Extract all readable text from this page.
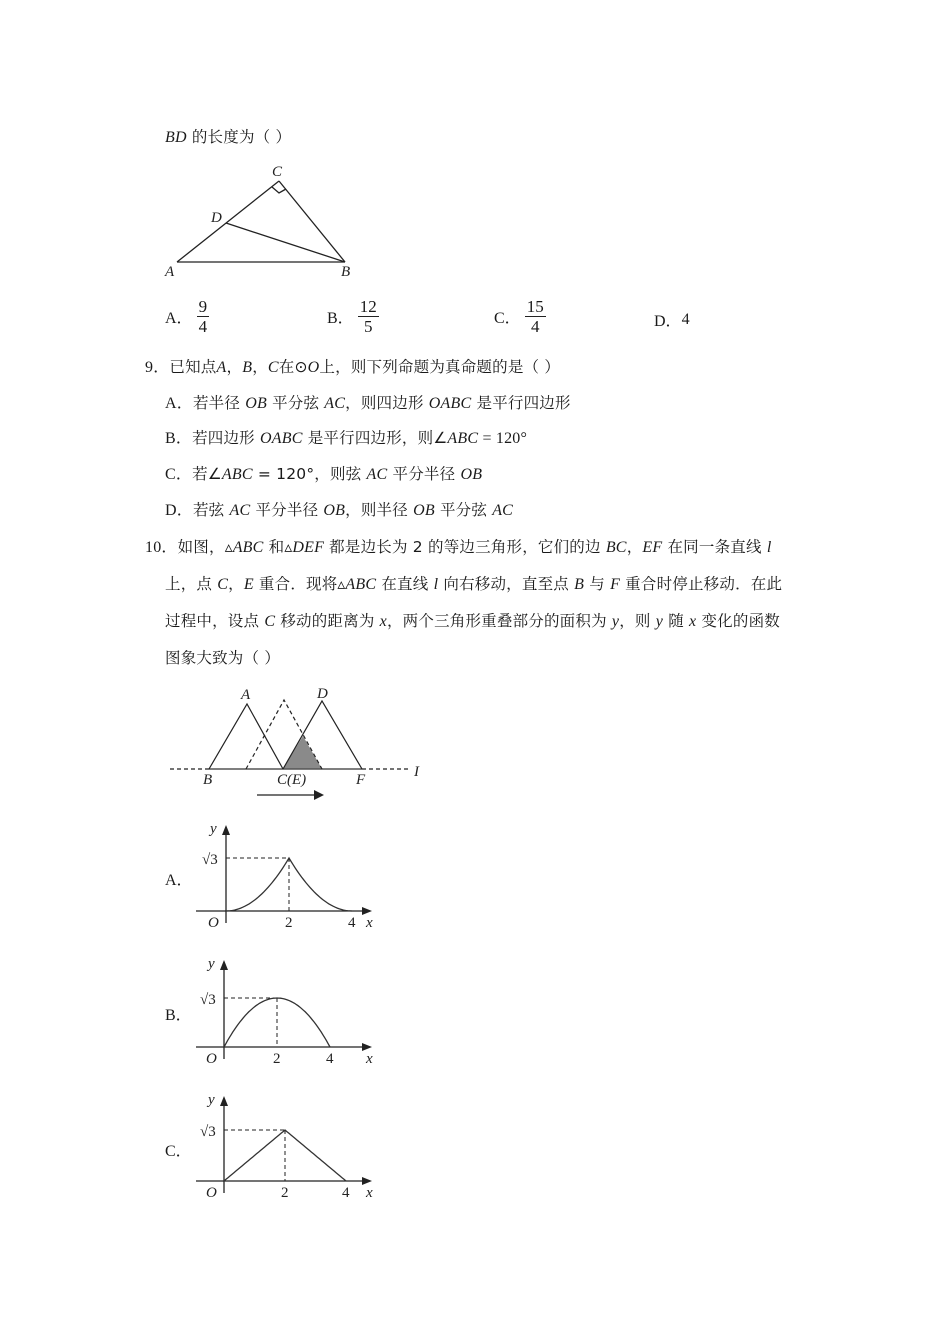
BD 的长度为（ ）
C
D
A	B
A． $\frac{9}{4}$	B． $\frac{12}{5}$	C． $\frac{15}{4}$	D． 4
9．已知点A，B，C在⊙O上，则下列命题为真命题的是（ ）
A．若半径 OB 平分弦 AC，则四边形 OABC 是平行四边形
B．若四边形 OABC 是平行四边形，则∠ABC = 120°
C．若∠ABC = 120°，则弦 AC 平分半径 OB
D．若弦 AC 平分半径 OB，则半径 OB 平分弦 AC
10．如图，▵ABC 和▵DEF 都是边长为 2 的等边三角形，它们的边 BC，EF 在同一条直线 l
上，点 C，E 重合．现将▵ABC 在直线 l 向右移动，直至点 B 与 F 重合时停止移动．在此
过程中，设点 C 移动的距离为 x，两个三角形重叠部分的面积为 y，则 y 随 x 变化的函数
图象大致为（ ）
A
B	C(E)
D
F	I
A．
B．
C．
√3
2	4
O	x
y
√3
2	4
O	x
y
√3
2	4
O	x
y
